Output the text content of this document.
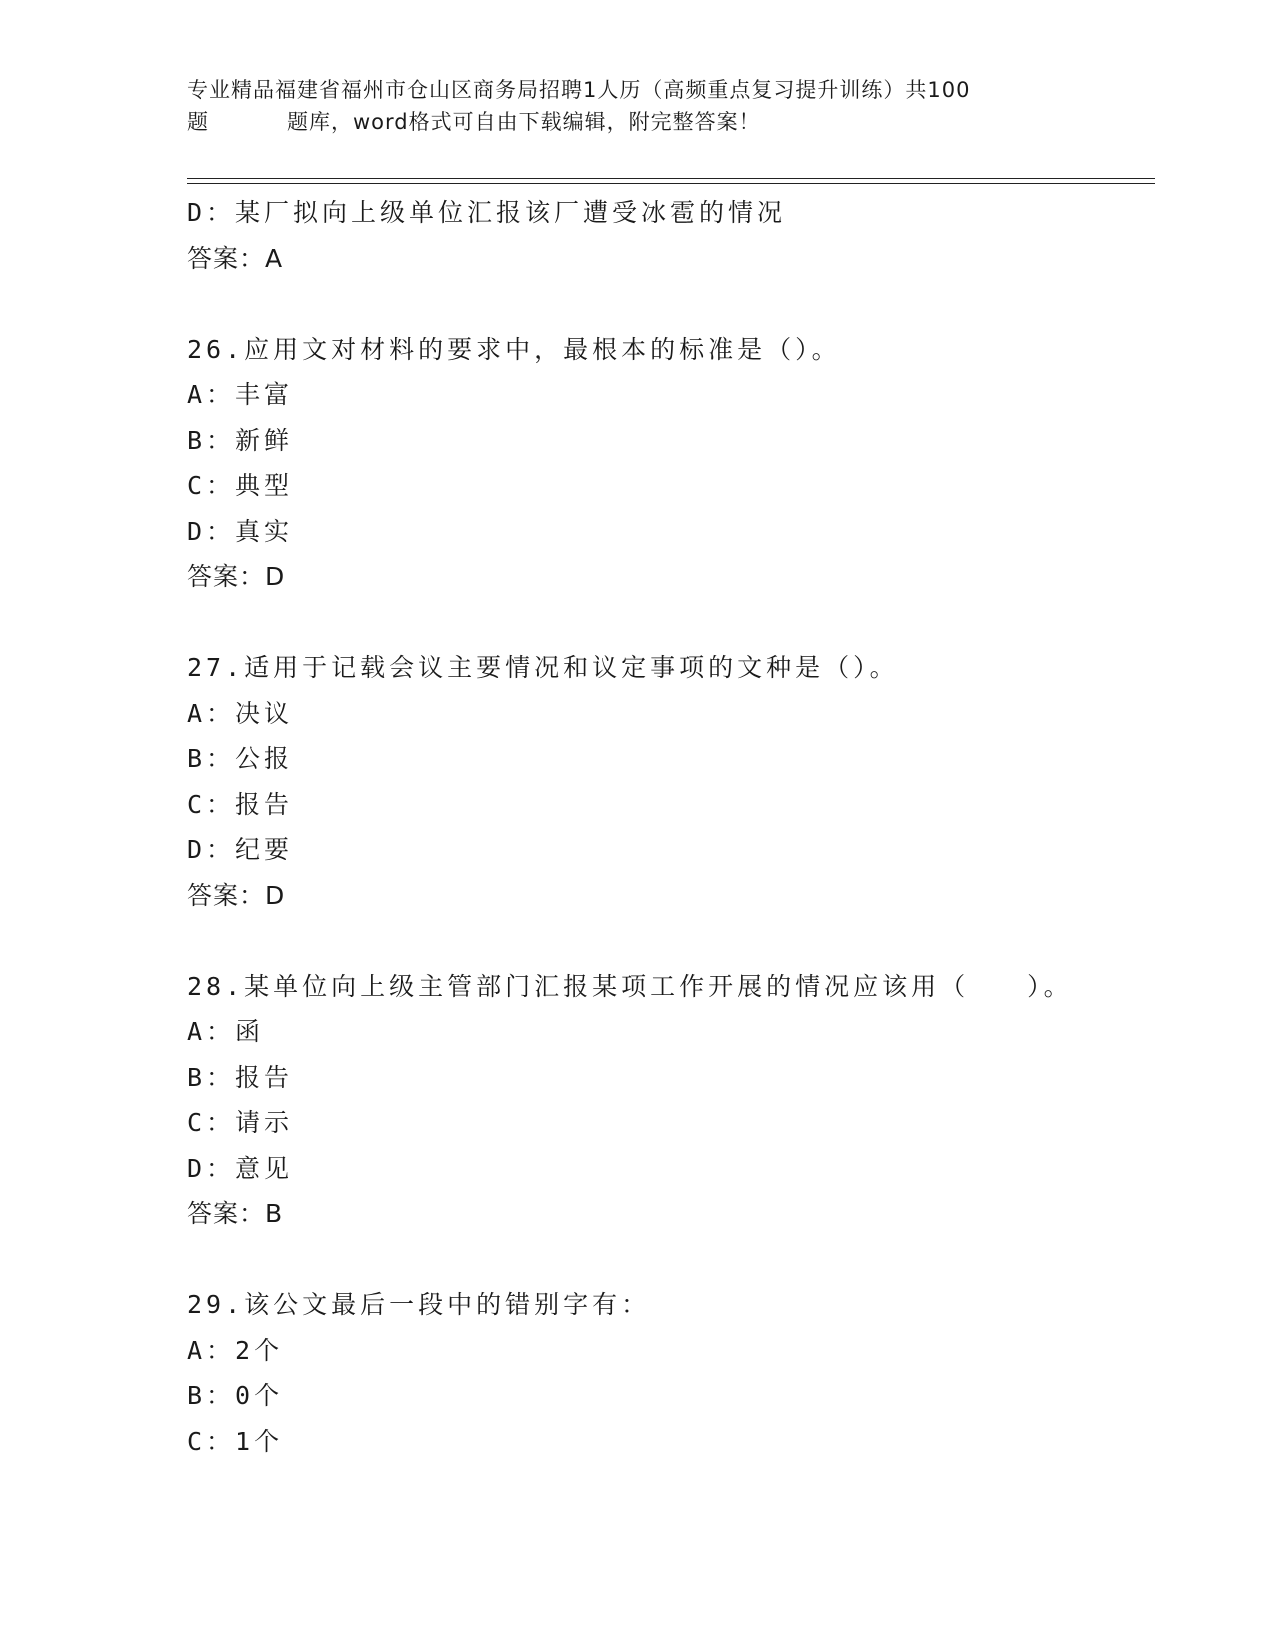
专业精品福建省福州市仓山区商务局招聘1人历（高频重点复习提升训练）共100
题	题库，word格式可自由下载编辑，附完整答案！
D：某厂拟向上级单位汇报该厂遭受冰雹的情况
答案：A
26.应用文对材料的要求中，最根本的标准是（）。
A：丰富
B：新鲜
C：典型
D：真实
答案：D
27.适用于记载会议主要情况和议定事项的文种是（）。
A：决议
B：公报
C：报告
D：纪要
答案：D
28.某单位向上级主管部门汇报某项工作开展的情况应该用（　　）。
A：函
B：报告
C：请示
D：意见
答案：B
29.该公文最后一段中的错别字有：
A：2个
B：0个
C：1个
